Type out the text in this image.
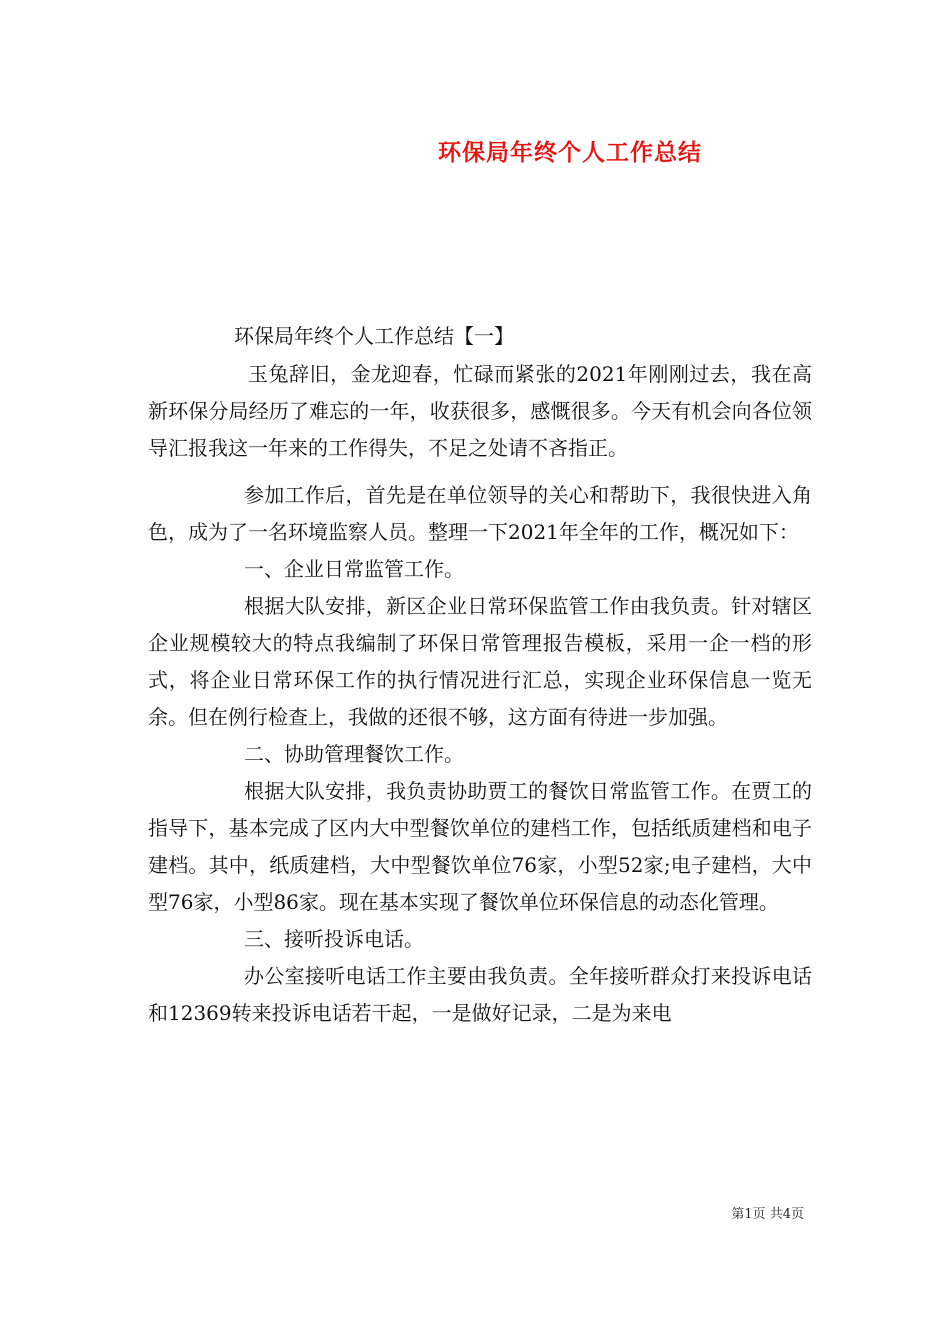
环保局年终个人工作总结

环保局年终个人工作总结【一】

玉兔辞旧，金龙迎春，忙碌而紧张的2021年刚刚过去，我在高新环保分局经历了难忘的一年，收获很多，感慨很多。今天有机会向各位领导汇报我这一年来的工作得失，不足之处请不吝指正。

参加工作后，首先是在单位领导的关心和帮助下，我很快进入角色，成为了一名环境监察人员。整理一下2021年全年的工作，概况如下：

一、企业日常监管工作。

根据大队安排，新区企业日常环保监管工作由我负责。针对辖区企业规模较大的特点我编制了环保日常管理报告模板，采用一企一档的形式，将企业日常环保工作的执行情况进行汇总，实现企业环保信息一览无余。但在例行检查上，我做的还很不够，这方面有待进一步加强。

二、协助管理餐饮工作。

根据大队安排，我负责协助贾工的餐饮日常监管工作。在贾工的指导下，基本完成了区内大中型餐饮单位的建档工作，包括纸质建档和电子建档。其中，纸质建档，大中型餐饮单位76家，小型52家;电子建档，大中型76家，小型86家。现在基本实现了餐饮单位环保信息的动态化管理。

三、接听投诉电话。

办公室接听电话工作主要由我负责。全年接听群众打来投诉电话和12369转来投诉电话若干起，一是做好记录，二是为来电

第1页 共4页
